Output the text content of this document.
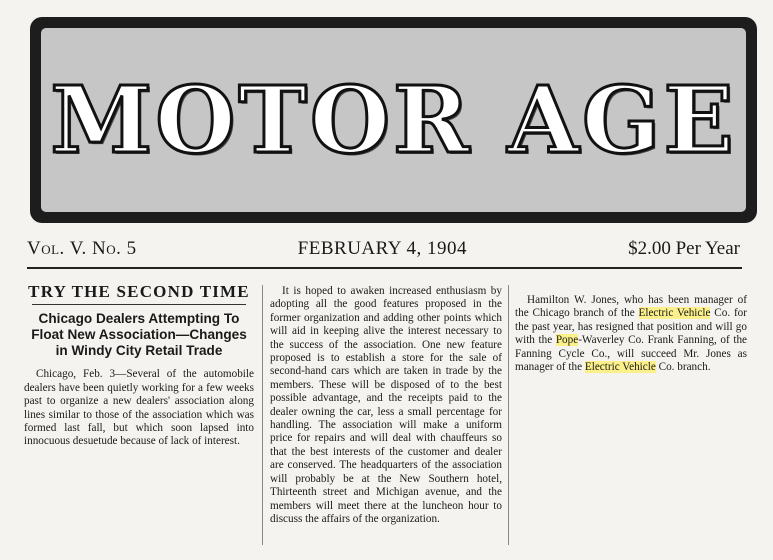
MOTOR AGE
Vol. V. No. 5	FEBRUARY 4, 1904	$2.00 Per Year
TRY THE SECOND TIME
Chicago Dealers Attempting To Float New Association—Changes in Windy City Retail Trade

Chicago, Feb. 3—Several of the automobile dealers have been quietly working for a few weeks past to organize a new dealers' association along lines similar to those of the association which was formed last fall, but which soon lapsed into innocuous desuetude because of lack of interest.

It is hoped to awaken increased enthusiasm by adopting all the good features proposed in the former organization and adding other points which will aid in keeping alive the interest necessary to the success of the association. One new feature proposed is to establish a store for the sale of second-hand cars which are taken in trade by the members. These will be disposed of to the best possible advantage, and the receipts paid to the dealer owning the car, less a small percentage for handling. The association will make a uniform price for repairs and will deal with chauffeurs so that the best interests of the customer and dealer are conserved. The headquarters of the association will probably be at the New Southern hotel, Thirteenth street and Michigan avenue, and the members will meet there at the luncheon hour to discuss the affairs of the organization.

Hamilton W. Jones, who has been manager of the Chicago branch of the Electric Vehicle Co. for the past year, has resigned that position and will go with the Pope-Waverley Co. Frank Fanning, of the Fanning Cycle Co., will succeed Mr. Jones as manager of the Electric Vehicle Co. branch.
